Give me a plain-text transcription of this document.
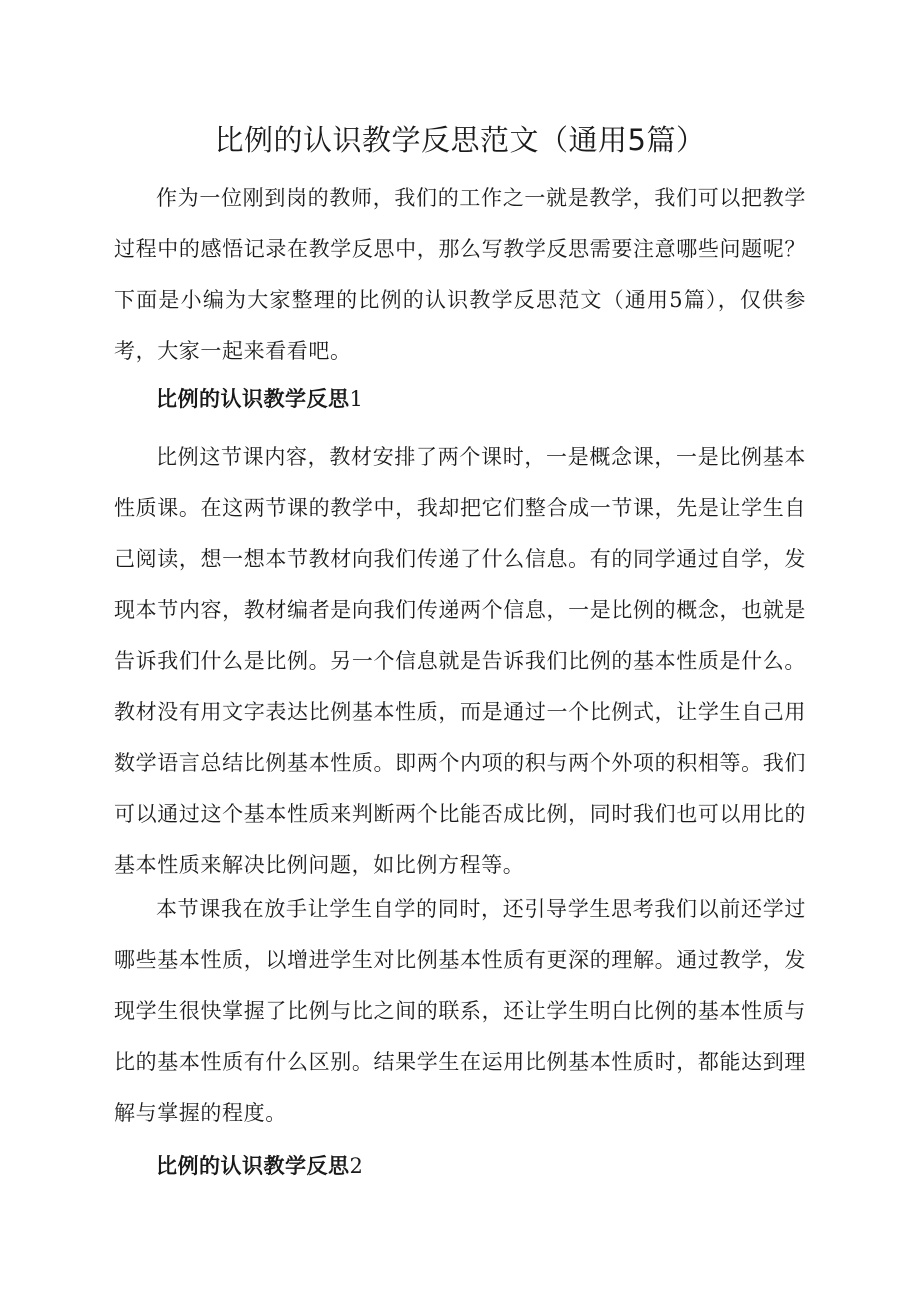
比例的认识教学反思范文（通用5篇）

作为一位刚到岗的教师，我们的工作之一就是教学，我们可以把教学过程中的感悟记录在教学反思中，那么写教学反思需要注意哪些问题呢？下面是小编为大家整理的比例的认识教学反思范文（通用5篇），仅供参考，大家一起来看看吧。

比例的认识教学反思1

比例这节课内容，教材安排了两个课时，一是概念课，一是比例基本性质课。在这两节课的教学中，我却把它们整合成一节课，先是让学生自己阅读，想一想本节教材向我们传递了什么信息。有的同学通过自学，发现本节内容，教材编者是向我们传递两个信息，一是比例的概念，也就是告诉我们什么是比例。另一个信息就是告诉我们比例的基本性质是什么。教材没有用文字表达比例基本性质，而是通过一个比例式，让学生自己用数学语言总结比例基本性质。即两个内项的积与两个外项的积相等。我们可以通过这个基本性质来判断两个比能否成比例，同时我们也可以用比的基本性质来解决比例问题，如比例方程等。

本节课我在放手让学生自学的同时，还引导学生思考我们以前还学过哪些基本性质，以增进学生对比例基本性质有更深的理解。通过教学，发现学生很快掌握了比例与比之间的联系，还让学生明白比例的基本性质与比的基本性质有什么区别。结果学生在运用比例基本性质时，都能达到理解与掌握的程度。

比例的认识教学反思2
